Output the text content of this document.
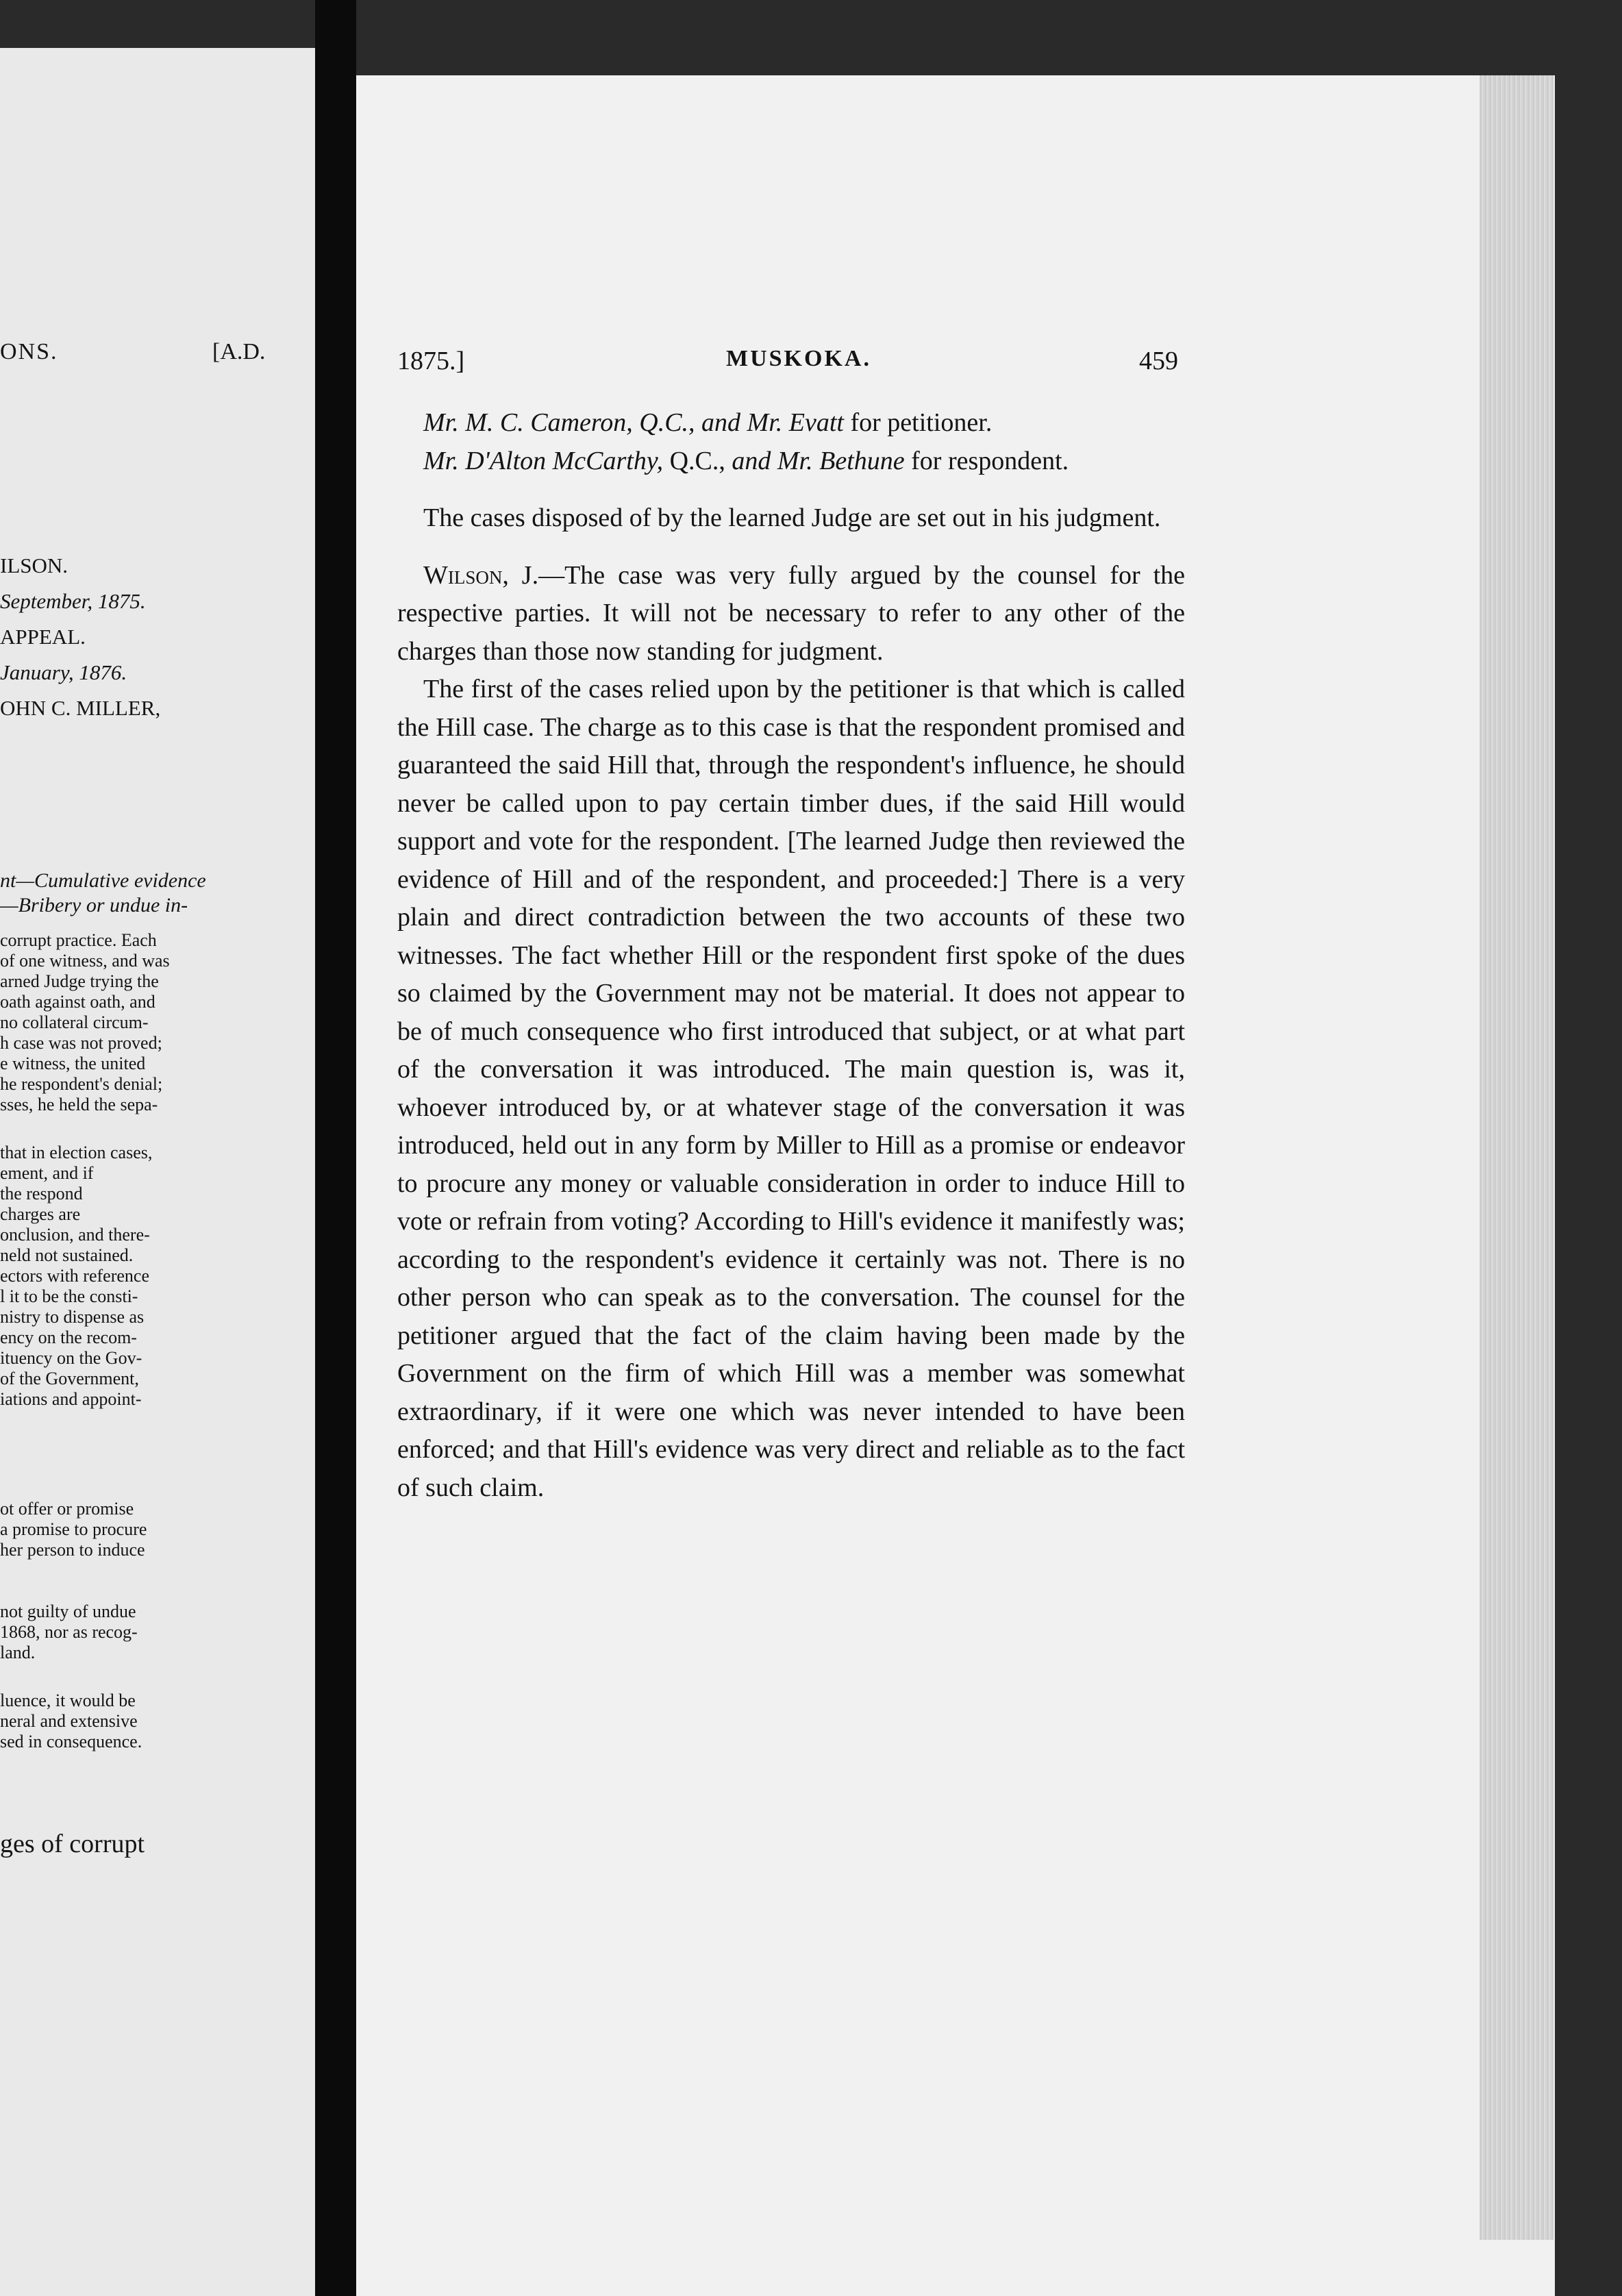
ONS.	[A.D.

ILSON.

September, 1875.

APPEAL.

January, 1876.

OHN C. MILLER,

nt—Cumulative evidence

—Bribery or undue in-

corrupt practice. Each

of one witness, and was

arned Judge trying the

oath against oath, and

no collateral circum-

h case was not proved;

e witness, the united

he respondent's denial;

sses, he held the sepa-

that in election cases,

ement, and if

the respond

charges are

onclusion, and there-

neld not sustained.

ectors with reference

l it to be the consti-

nistry to dispense as

ency on the recom-

ituency on the Gov-

of the Government,

iations and appoint-

ot offer or promise

a promise to procure

her person to induce

not guilty of undue

1868, nor as recog-

land.

luence, it would be

neral and extensive

sed in consequence.

ges of corrupt

1875.]	MUSKOKA.	459

Mr. M. C. Cameron, Q.C., and Mr. Evatt for petitioner.

Mr. D'Alton McCarthy, Q.C., and Mr. Bethune for respondent.

The cases disposed of by the learned Judge are set out in his judgment.

Wilson, J.—The case was very fully argued by the counsel for the respective parties. It will not be necessary to refer to any other of the charges than those now standing for judgment.

The first of the cases relied upon by the petitioner is that which is called the Hill case. The charge as to this case is that the respondent promised and guaranteed the said Hill that, through the respondent's influence, he should never be called upon to pay certain timber dues, if the said Hill would support and vote for the respondent. [The learned Judge then reviewed the evidence of Hill and of the respondent, and proceeded:] There is a very plain and direct contradiction between the two accounts of these two witnesses. The fact whether Hill or the respondent first spoke of the dues so claimed by the Government may not be material. It does not appear to be of much consequence who first introduced that subject, or at what part of the conversation it was introduced. The main question is, was it, whoever introduced by, or at whatever stage of the conversation it was introduced, held out in any form by Miller to Hill as a promise or endeavor to procure any money or valuable consideration in order to induce Hill to vote or refrain from voting? According to Hill's evidence it manifestly was; according to the respondent's evidence it certainly was not. There is no other person who can speak as to the conversation. The counsel for the petitioner argued that the fact of the claim having been made by the Government on the firm of which Hill was a member was somewhat extraordinary, if it were one which was never intended to have been enforced; and that Hill's evidence was very direct and reliable as to the fact of such claim.
